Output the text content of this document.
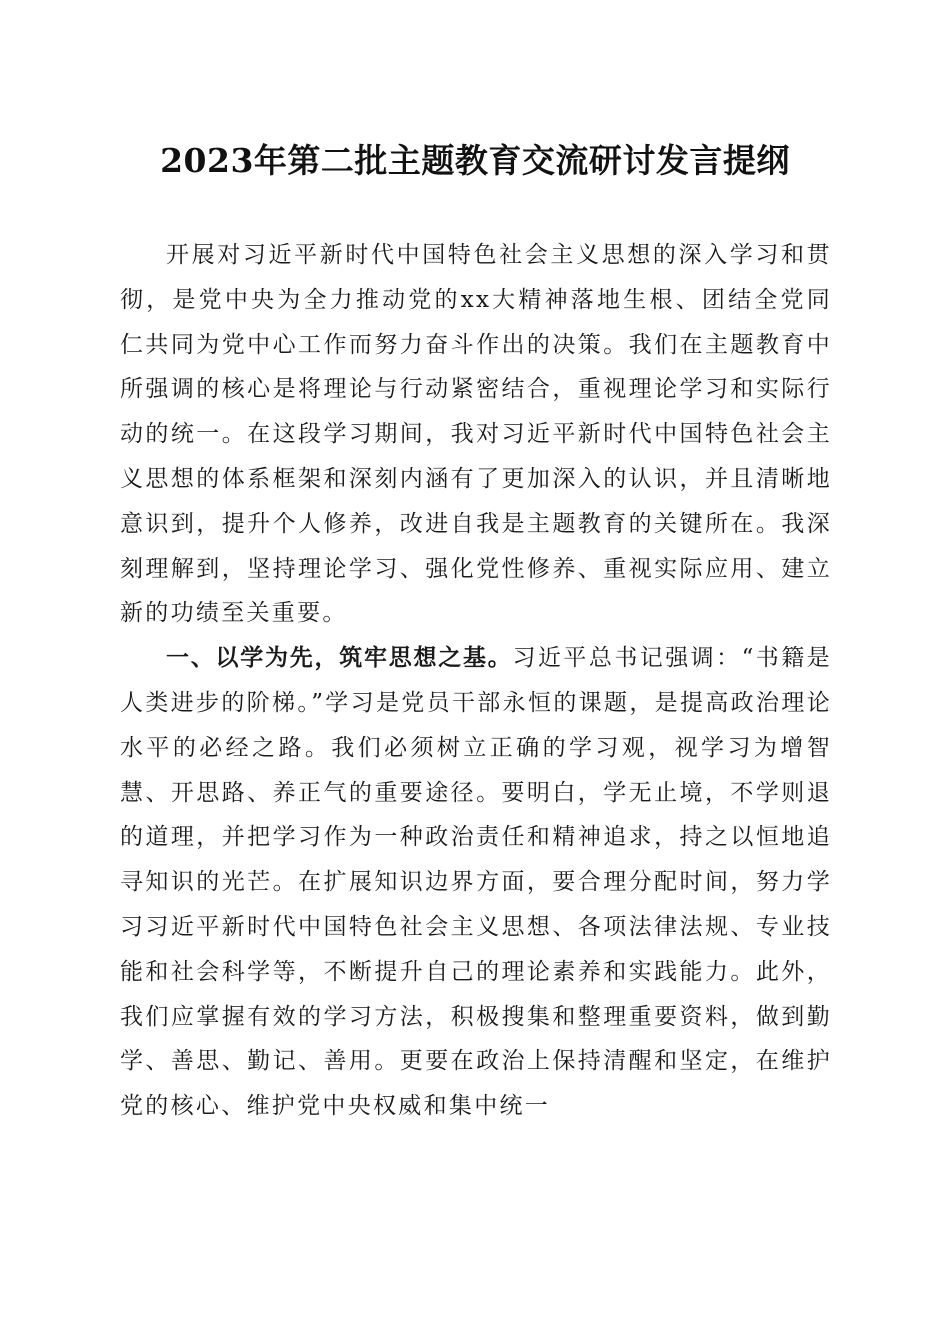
2023年第二批主题教育交流研讨发言提纲

开展对习近平新时代中国特色社会主义思想的深入学习和贯彻，是党中央为全力推动党的xx大精神落地生根、团结全党同仁共同为党中心工作而努力奋斗作出的决策。我们在主题教育中所强调的核心是将理论与行动紧密结合，重视理论学习和实际行动的统一。在这段学习期间，我对习近平新时代中国特色社会主义思想的体系框架和深刻内涵有了更加深入的认识，并且清晰地意识到，提升个人修养，改进自我是主题教育的关键所在。我深刻理解到，坚持理论学习、强化党性修养、重视实际应用、建立新的功绩至关重要。

一、以学为先，筑牢思想之基。习近平总书记强调：“书籍是人类进步的阶梯。”学习是党员干部永恒的课题，是提高政治理论水平的必经之路。我们必须树立正确的学习观，视学习为增智慧、开思路、养正气的重要途径。要明白，学无止境，不学则退的道理，并把学习作为一种政治责任和精神追求，持之以恒地追寻知识的光芒。在扩展知识边界方面，要合理分配时间，努力学习习近平新时代中国特色社会主义思想、各项法律法规、专业技能和社会科学等，不断提升自己的理论素养和实践能力。此外，我们应掌握有效的学习方法，积极搜集和整理重要资料，做到勤学、善思、勤记、善用。更要在政治上保持清醒和坚定，在维护党的核心、维护党中央权威和集中统一
